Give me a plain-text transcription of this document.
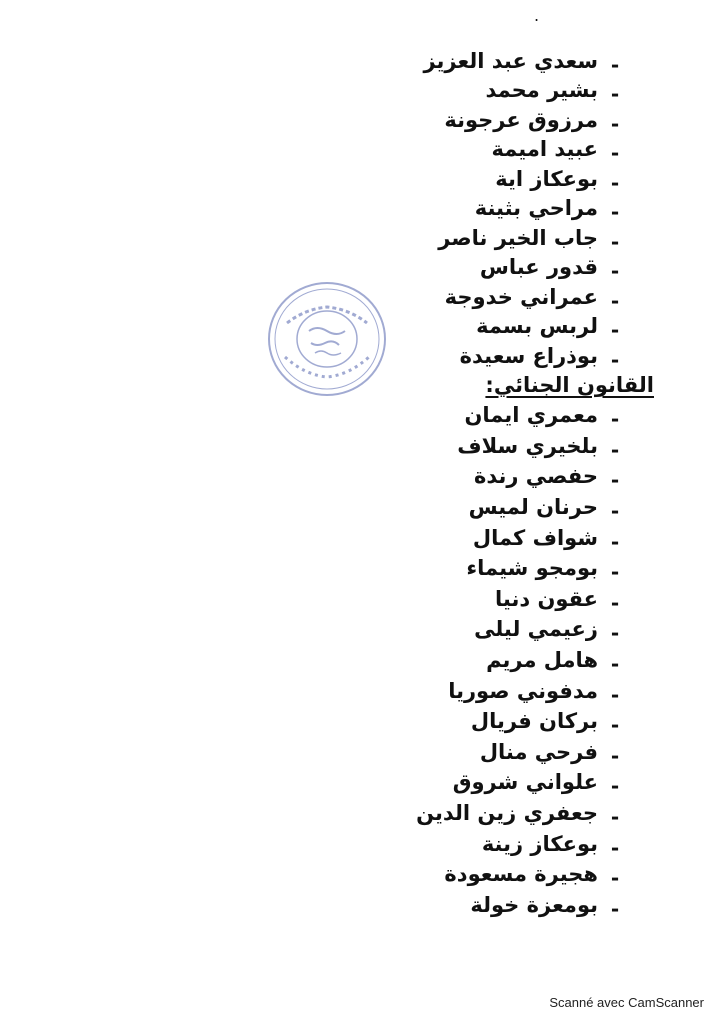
.
-
سعدي عبد العزيز
-
بشير محمد
-
مرزوق عرجونة
-
عبيد اميمة
-
بوعكاز اية
-
مراحي بثينة
-
جاب الخير ناصر
-
قدور عباس
-
عمراني خدوجة
-
لربس بسمة
-
بوذراع سعيدة
القانون الجنائي:
-
معمري ايمان
-
بلخيري سلاف
-
حفصي رندة
-
حرنان لميس
-
شواف كمال
-
بومجو شيماء
-
عقون دنيا
-
زعيمي ليلى
-
هامل مريم
-
مدفوني صوريا
-
بركان فريال
-
فرحي منال
-
علواني شروق
-
جعفري زين الدين
-
بوعكاز زينة
-
هجيرة مسعودة
-
بومعزة خولة
Scanné avec CamScanner
